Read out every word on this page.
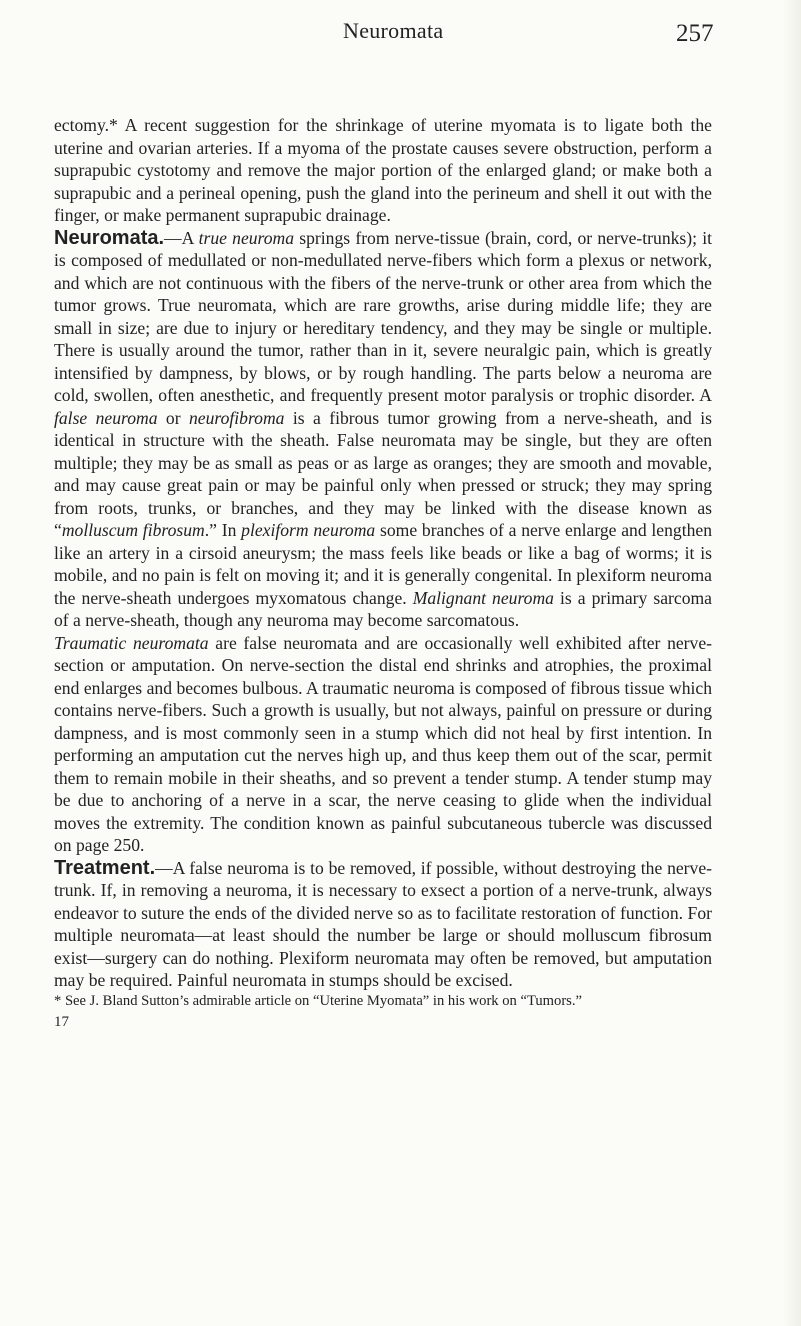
Neuromata	257

ectomy.* A recent suggestion for the shrinkage of uterine myomata is to ligate both the uterine and ovarian arteries. If a myoma of the prostate causes severe obstruction, perform a suprapubic cystotomy and remove the major portion of the enlarged gland; or make both a suprapubic and a perineal opening, push the gland into the perineum and shell it out with the finger, or make permanent suprapubic drainage.

Neuromata.—A true neuroma springs from nerve-tissue (brain, cord, or nerve-trunks); it is composed of medullated or non-medullated nerve-fibers which form a plexus or network, and which are not continuous with the fibers of the nerve-trunk or other area from which the tumor grows. True neuromata, which are rare growths, arise during middle life; they are small in size; are due to injury or hereditary tendency, and they may be single or multiple. There is usually around the tumor, rather than in it, severe neuralgic pain, which is greatly intensified by dampness, by blows, or by rough handling. The parts below a neuroma are cold, swollen, often anesthetic, and frequently present motor paralysis or trophic disorder. A false neuroma or neurofibroma is a fibrous tumor growing from a nerve-sheath, and is identical in structure with the sheath. False neuromata may be single, but they are often multiple; they may be as small as peas or as large as oranges; they are smooth and movable, and may cause great pain or may be painful only when pressed or struck; they may spring from roots, trunks, or branches, and they may be linked with the disease known as “molluscum fibrosum.” In plexiform neuroma some branches of a nerve enlarge and lengthen like an artery in a cirsoid aneurysm; the mass feels like beads or like a bag of worms; it is mobile, and no pain is felt on moving it; and it is generally congenital. In plexiform neuroma the nerve-sheath undergoes myxomatous change. Malignant neuroma is a primary sarcoma of a nerve-sheath, though any neuroma may become sarcomatous.

Traumatic neuromata are false neuromata and are occasionally well exhibited after nerve-section or amputation. On nerve-section the distal end shrinks and atrophies, the proximal end enlarges and becomes bulbous. A traumatic neuroma is composed of fibrous tissue which contains nerve-fibers. Such a growth is usually, but not always, painful on pressure or during dampness, and is most commonly seen in a stump which did not heal by first intention. In performing an amputation cut the nerves high up, and thus keep them out of the scar, permit them to remain mobile in their sheaths, and so prevent a tender stump. A tender stump may be due to anchoring of a nerve in a scar, the nerve ceasing to glide when the individual moves the extremity. The condition known as painful subcutaneous tubercle was discussed on page 250.

Treatment.—A false neuroma is to be removed, if possible, without destroying the nerve-trunk. If, in removing a neuroma, it is necessary to exsect a portion of a nerve-trunk, always endeavor to suture the ends of the divided nerve so as to facilitate restoration of function. For multiple neuromata—at least should the number be large or should molluscum fibrosum exist—surgery can do nothing. Plexiform neuromata may often be removed, but amputation may be required. Painful neuromata in stumps should be excised.

* See J. Bland Sutton’s admirable article on “Uterine Myomata” in his work on “Tumors.”

17
